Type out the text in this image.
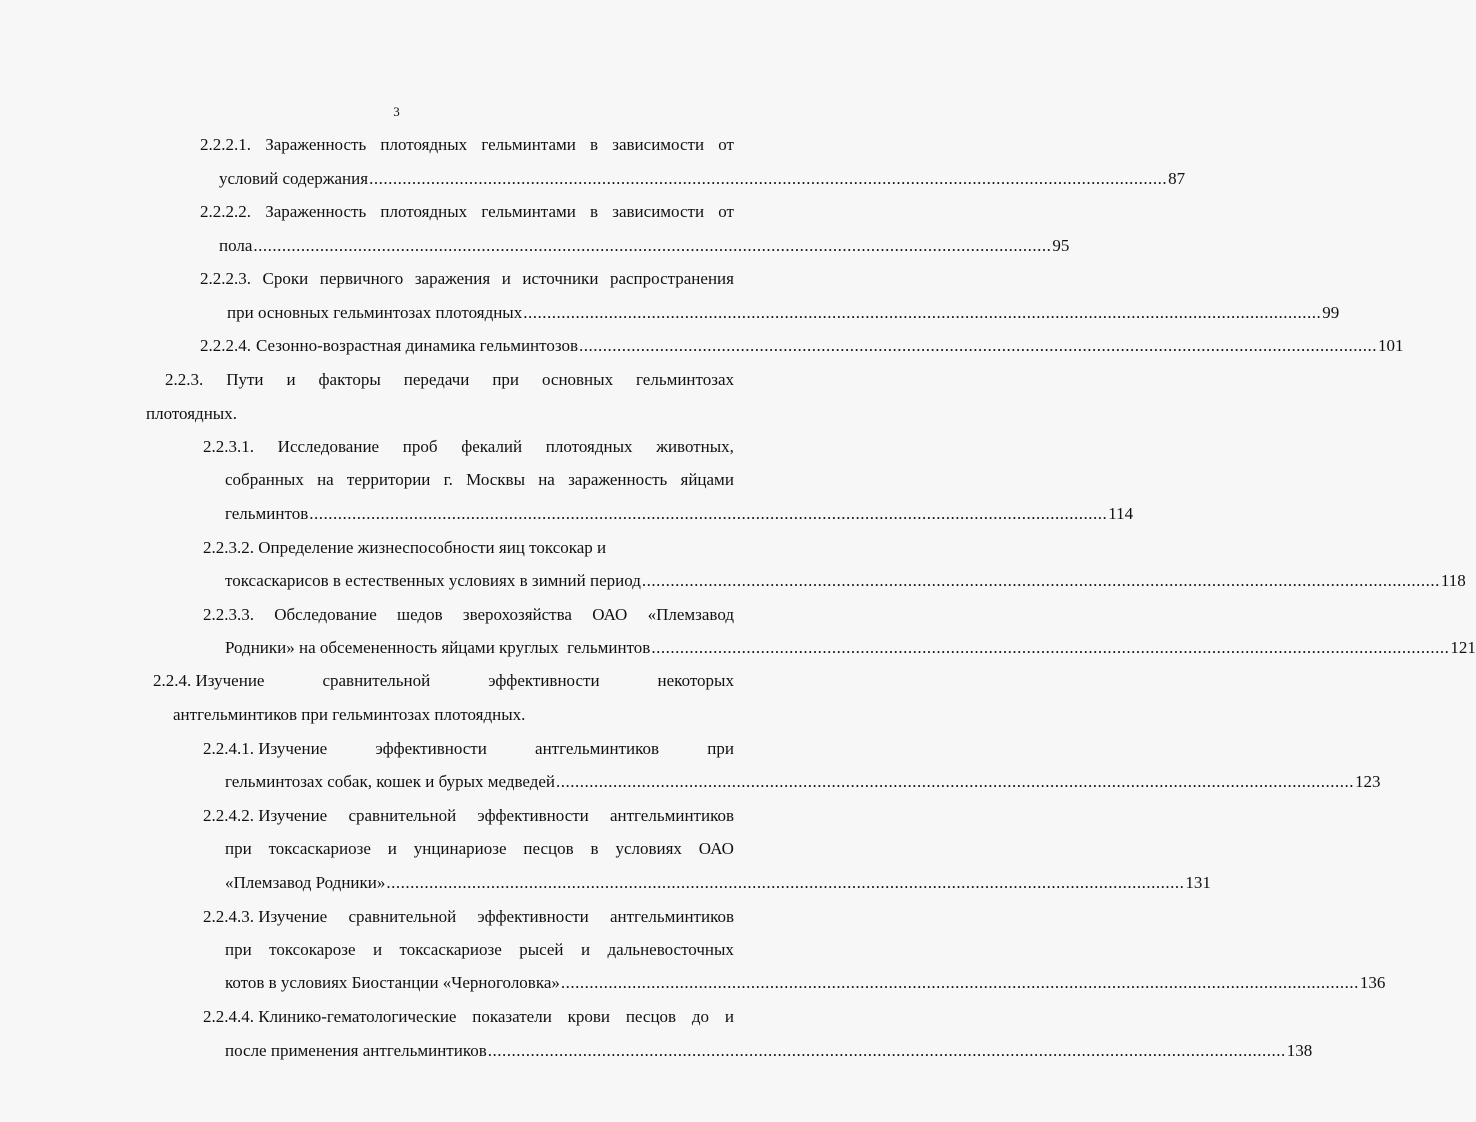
3
2.2.2.1. Зараженность плотоядных гельминтами в зависимости от
условий содержания ........................................................................................................................................................................ 87
2.2.2.2. Зараженность плотоядных гельминтами в зависимости от
пола ........................................................................................................................................................................ 95
2.2.2.3. Сроки первичного заражения и источники распространения
при основных гельминтозах плотоядных ........................................................................................................................................................................ 99
2.2.2.4. Сезонно-возрастная динамика гельминтозов ........................................................................................................................................................................ 101
2.2.3. Пути и факторы передачи при основных гельминтозах
плотоядных.
2.2.3.1. Исследование проб фекалий плотоядных животных,
собранных на территории г. Москвы на зараженность яйцами
гельминтов ........................................................................................................................................................................ 114
2.2.3.2. Определение жизнеспособности яиц токсокар и
токсаскарисов в естественных условиях в зимний период ........................................................................................................................................................................ 118
2.2.3.3. Обследование шедов зверохозяйства ОАО «Племзавод
Родники» на обсемененность яйцами круглых  гельминтов ........................................................................................................................................................................ 121
2.2.4. Изучение	сравнительной	эффективности	некоторых
антгельминтиков при гельминтозах плотоядных.
2.2.4.1. Изучение	эффективности	антгельминтиков	при
гельминтозах собак, кошек и бурых медведей ........................................................................................................................................................................ 123
2.2.4.2. Изучение сравнительной эффективности антгельминтиков
при токсаскариозе и унцинариозе песцов в условиях ОАО
«Племзавод Родники» ........................................................................................................................................................................ 131
2.2.4.3. Изучение сравнительной эффективности антгельминтиков
при токсокарозе и токсаскариозе рысей и дальневосточных
котов в условиях Биостанции «Черноголовка» ........................................................................................................................................................................ 136
2.2.4.4. Клинико-гематологические показатели крови песцов до и
после применения антгельминтиков ........................................................................................................................................................................ 138
